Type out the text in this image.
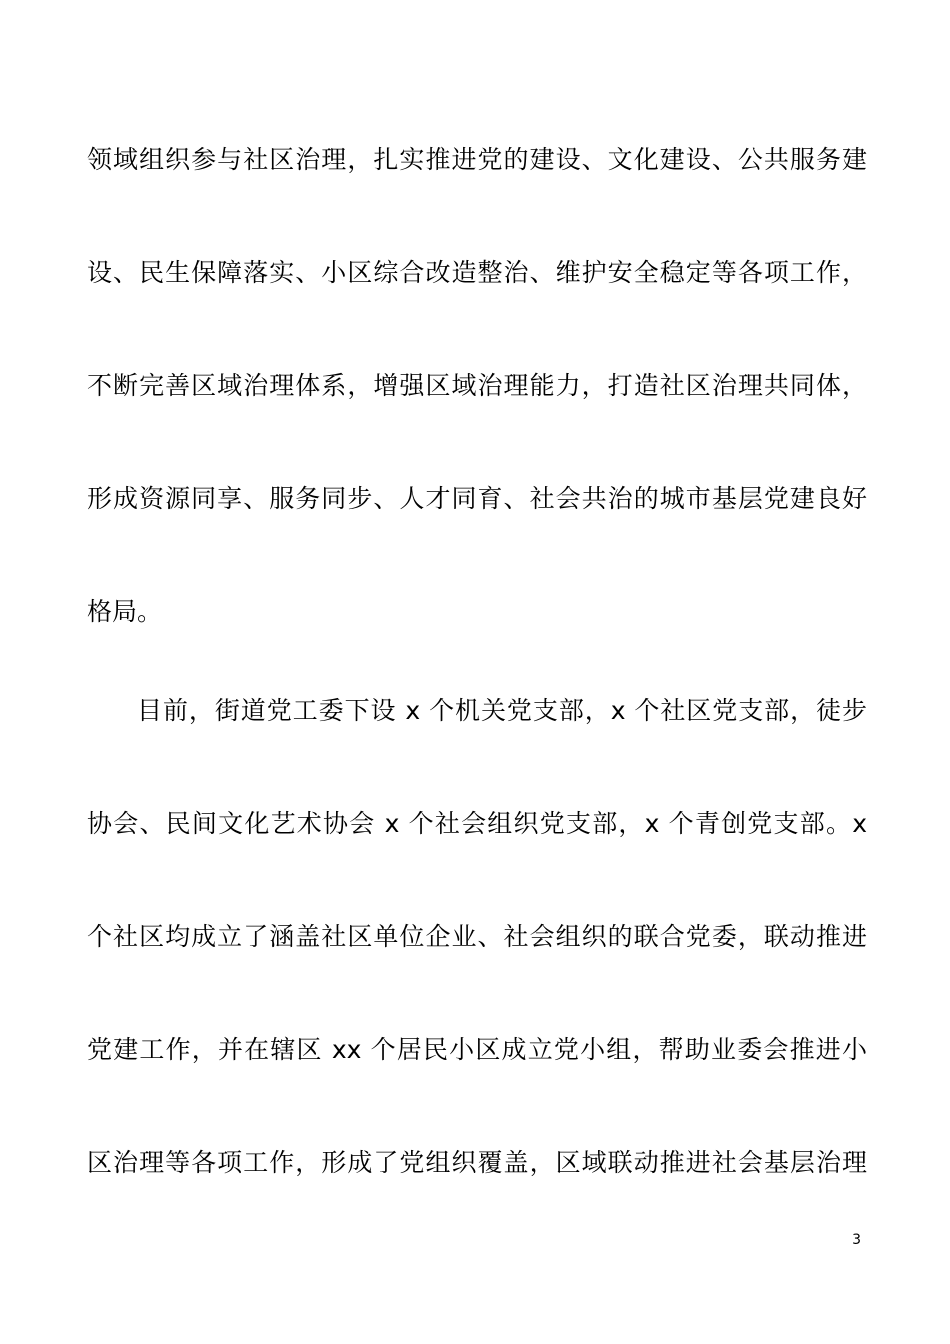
领域组织参与社区治理，扎实推进党的建设、文化建设、公共服务建
设、民生保障落实、小区综合改造整治、维护安全稳定等各项工作，
不断完善区域治理体系，增强区域治理能力，打造社区治理共同体，
形成资源同享、服务同步、人才同育、社会共治的城市基层党建良好
格局。
目前，街道党工委下设 x 个机关党支部，x 个社区党支部，徒步
协会、民间文化艺术协会 x 个社会组织党支部，x 个青创党支部。x
个社区均成立了涵盖社区单位企业、社会组织的联合党委，联动推进
党建工作，并在辖区 xx 个居民小区成立党小组，帮助业委会推进小
区治理等各项工作，形成了党组织覆盖，区域联动推进社会基层治理
3
